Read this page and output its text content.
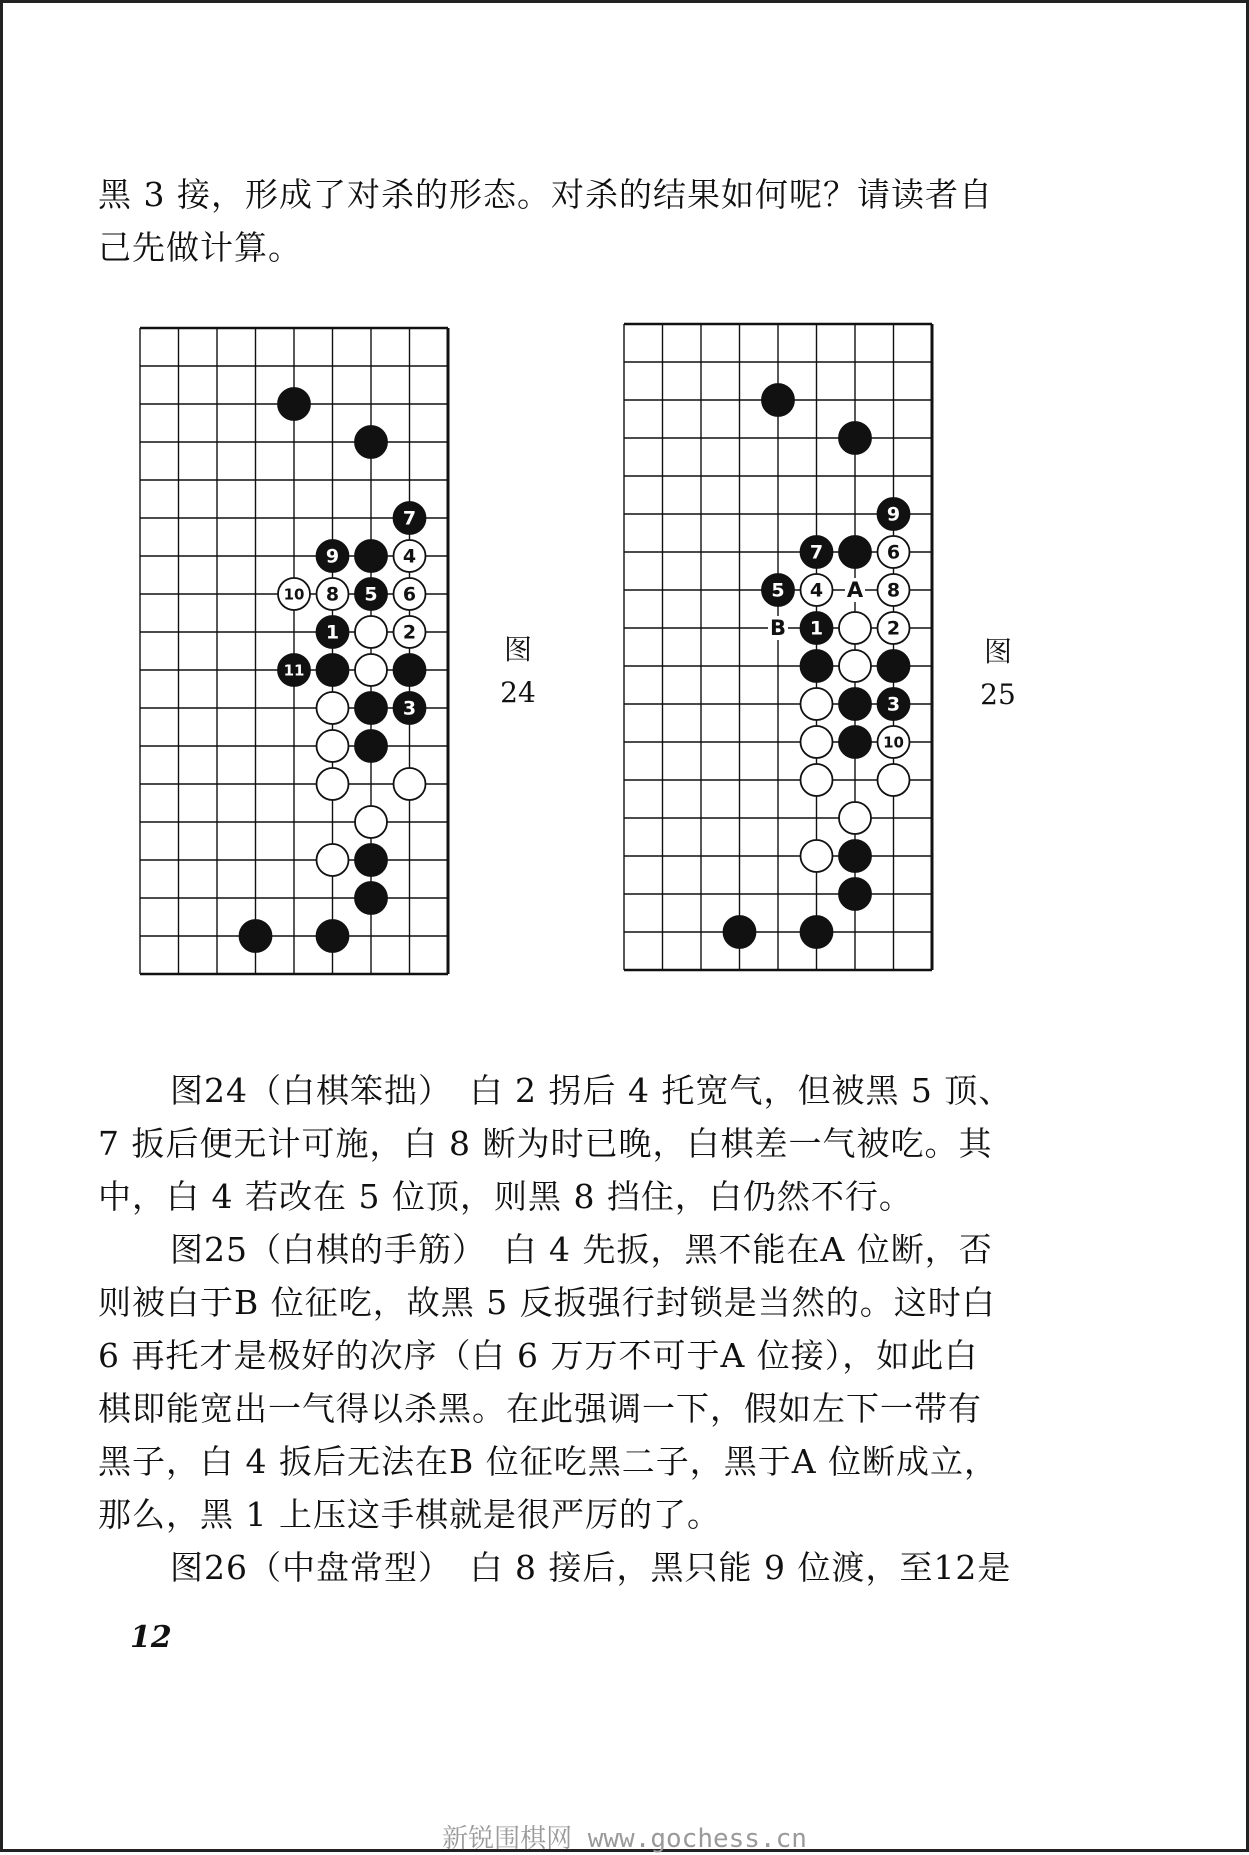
黑 3 接，形成了对杀的形态。对杀的结果如何呢？请读者自
己先做计算。
7
9	4
10 8 5 6
1	2
11
3
图
24
9
7	6
5 4	8
1	2
3
10
A
B
图
25
图24（白棋笨拙）　白 2 拐后 4 托宽气，但被黑 5 顶、
7 扳后便无计可施，白 8 断为时已晚，白棋差一气被吃。其
中，白 4 若改在 5 位顶，则黑 8 挡住，白仍然不行。
图25（白棋的手筋）　白 4 先扳，黑不能在A 位断，否
则被白于B 位征吃，故黑 5 反扳强行封锁是当然的。这时白
6 再托才是极好的次序（白 6 万万不可于A 位接），如此白
棋即能宽出一气得以杀黑。在此强调一下，假如左下一带有
黑子，白 4 扳后无法在B 位征吃黑二子，黑于A 位断成立，
那么，黑 1 上压这手棋就是很严厉的了。
图26（中盘常型）　白 8 接后，黑只能 9 位渡，至12是
12
新锐围棋网 www.gochess.cn
